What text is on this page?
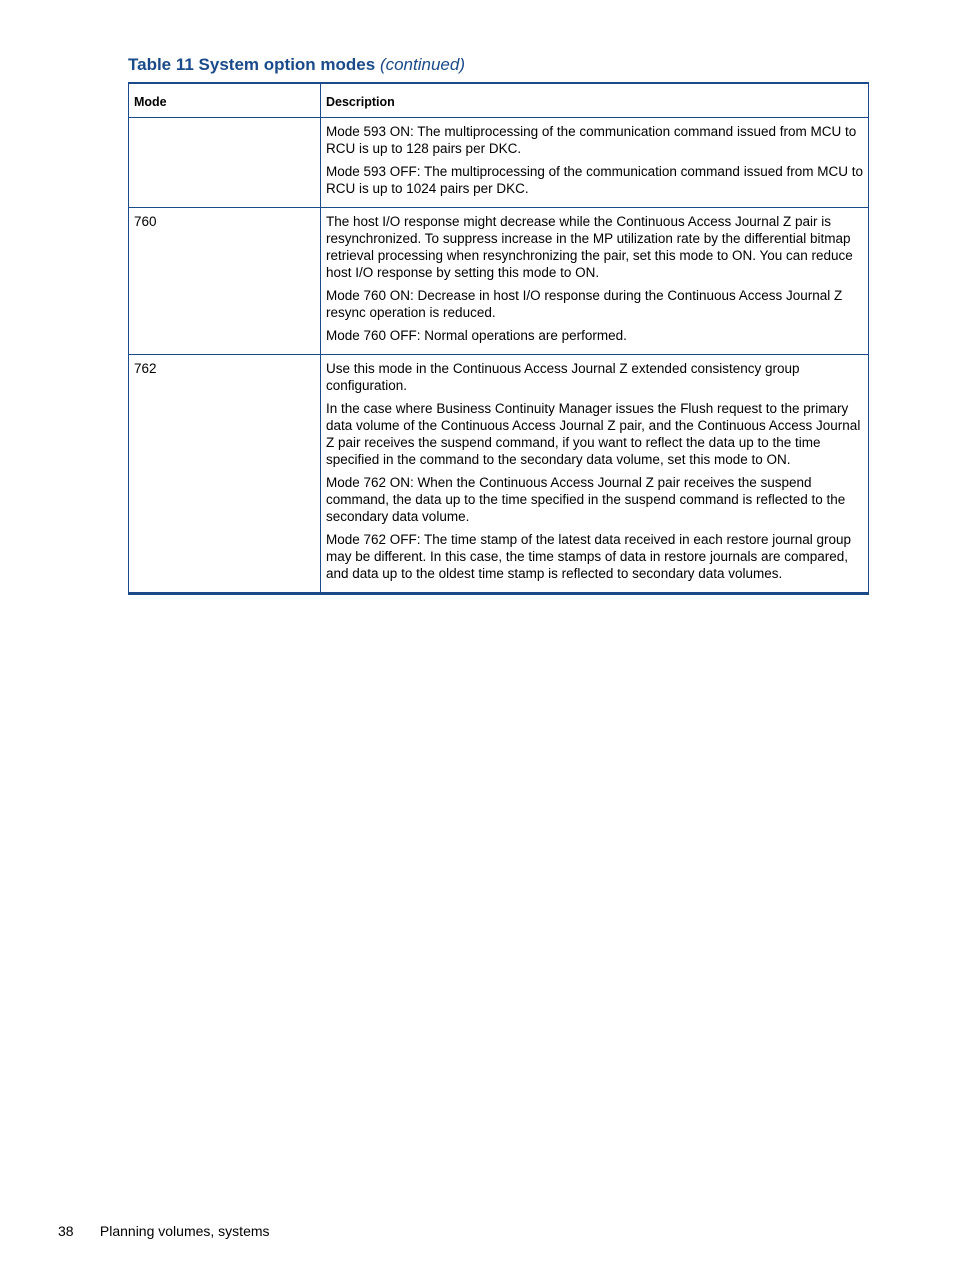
Table 11 System option modes (continued)
Mode	Description

	Mode 593 ON: The multiprocessing of the communication command issued from MCU to RCU is up to 128 pairs per DKC.

Mode 593 OFF: The multiprocessing of the communication command issued from MCU to RCU is up to 1024 pairs per DKC.

760	The host I/O response might decrease while the Continuous Access Journal Z pair is resynchronized. To suppress increase in the MP utilization rate by the differential bitmap retrieval processing when resynchronizing the pair, set this mode to ON. You can reduce host I/O response by setting this mode to ON.

Mode 760 ON: Decrease in host I/O response during the Continuous Access Journal Z resync operation is reduced.

Mode 760 OFF: Normal operations are performed.

762	Use this mode in the Continuous Access Journal Z extended consistency group configuration.

In the case where Business Continuity Manager issues the Flush request to the primary data volume of the Continuous Access Journal Z pair, and the Continuous Access Journal Z pair receives the suspend command, if you want to reflect the data up to the time specified in the command to the secondary data volume, set this mode to ON.

Mode 762 ON: When the Continuous Access Journal Z pair receives the suspend command, the data up to the time specified in the suspend command is reflected to the secondary data volume.

Mode 762 OFF: The time stamp of the latest data received in each restore journal group may be different. In this case, the time stamps of data in restore journals are compared, and data up to the oldest time stamp is reflected to secondary data volumes.

38 Planning volumes, systems
